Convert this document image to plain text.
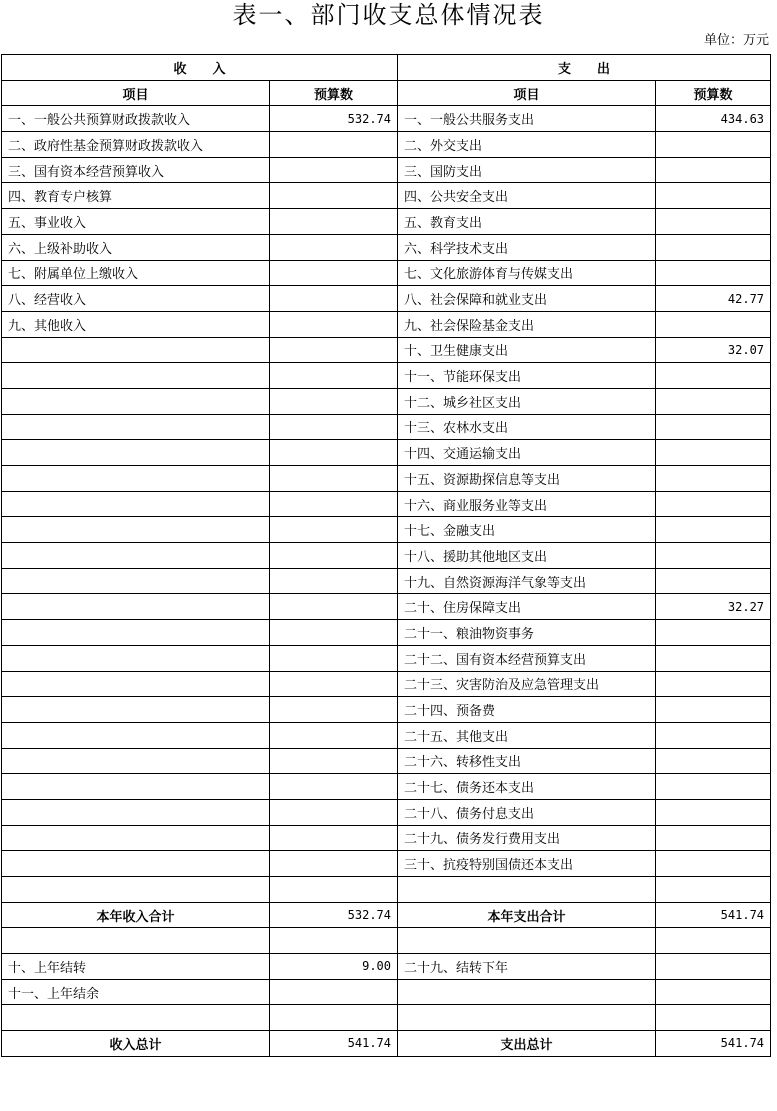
表一、部门收支总体情况表
单位：万元
收　　入		支　　出	
项目	预算数	项目	预算数
一、一般公共预算财政拨款收入	532.74	一、一般公共服务支出	434.63
二、政府性基金预算财政拨款收入		二、外交支出	
三、国有资本经营预算收入		三、国防支出	
四、教育专户核算		四、公共安全支出	
五、事业收入		五、教育支出	
六、上级补助收入		六、科学技术支出	
七、附属单位上缴收入		七、文化旅游体育与传媒支出	
八、经营收入		八、社会保障和就业支出	42.77
九、其他收入		九、社会保险基金支出	
		十、卫生健康支出	32.07
		十一、节能环保支出	
		十二、城乡社区支出	
		十三、农林水支出	
		十四、交通运输支出	
		十五、资源勘探信息等支出	
		十六、商业服务业等支出	
		十七、金融支出	
		十八、援助其他地区支出	
		十九、自然资源海洋气象等支出	
		二十、住房保障支出	32.27
		二十一、粮油物资事务	
		二十二、国有资本经营预算支出	
		二十三、灾害防治及应急管理支出	
		二十四、预备费	
		二十五、其他支出	
		二十六、转移性支出	
		二十七、债务还本支出	
		二十八、债务付息支出	
		二十九、债务发行费用支出	
		三十、抗疫特别国债还本支出	

本年收入合计	532.74	本年支出合计	541.74

十、上年结转	9.00	二十九、结转下年	
十一、上年结余			

收入总计	541.74	支出总计	541.74
